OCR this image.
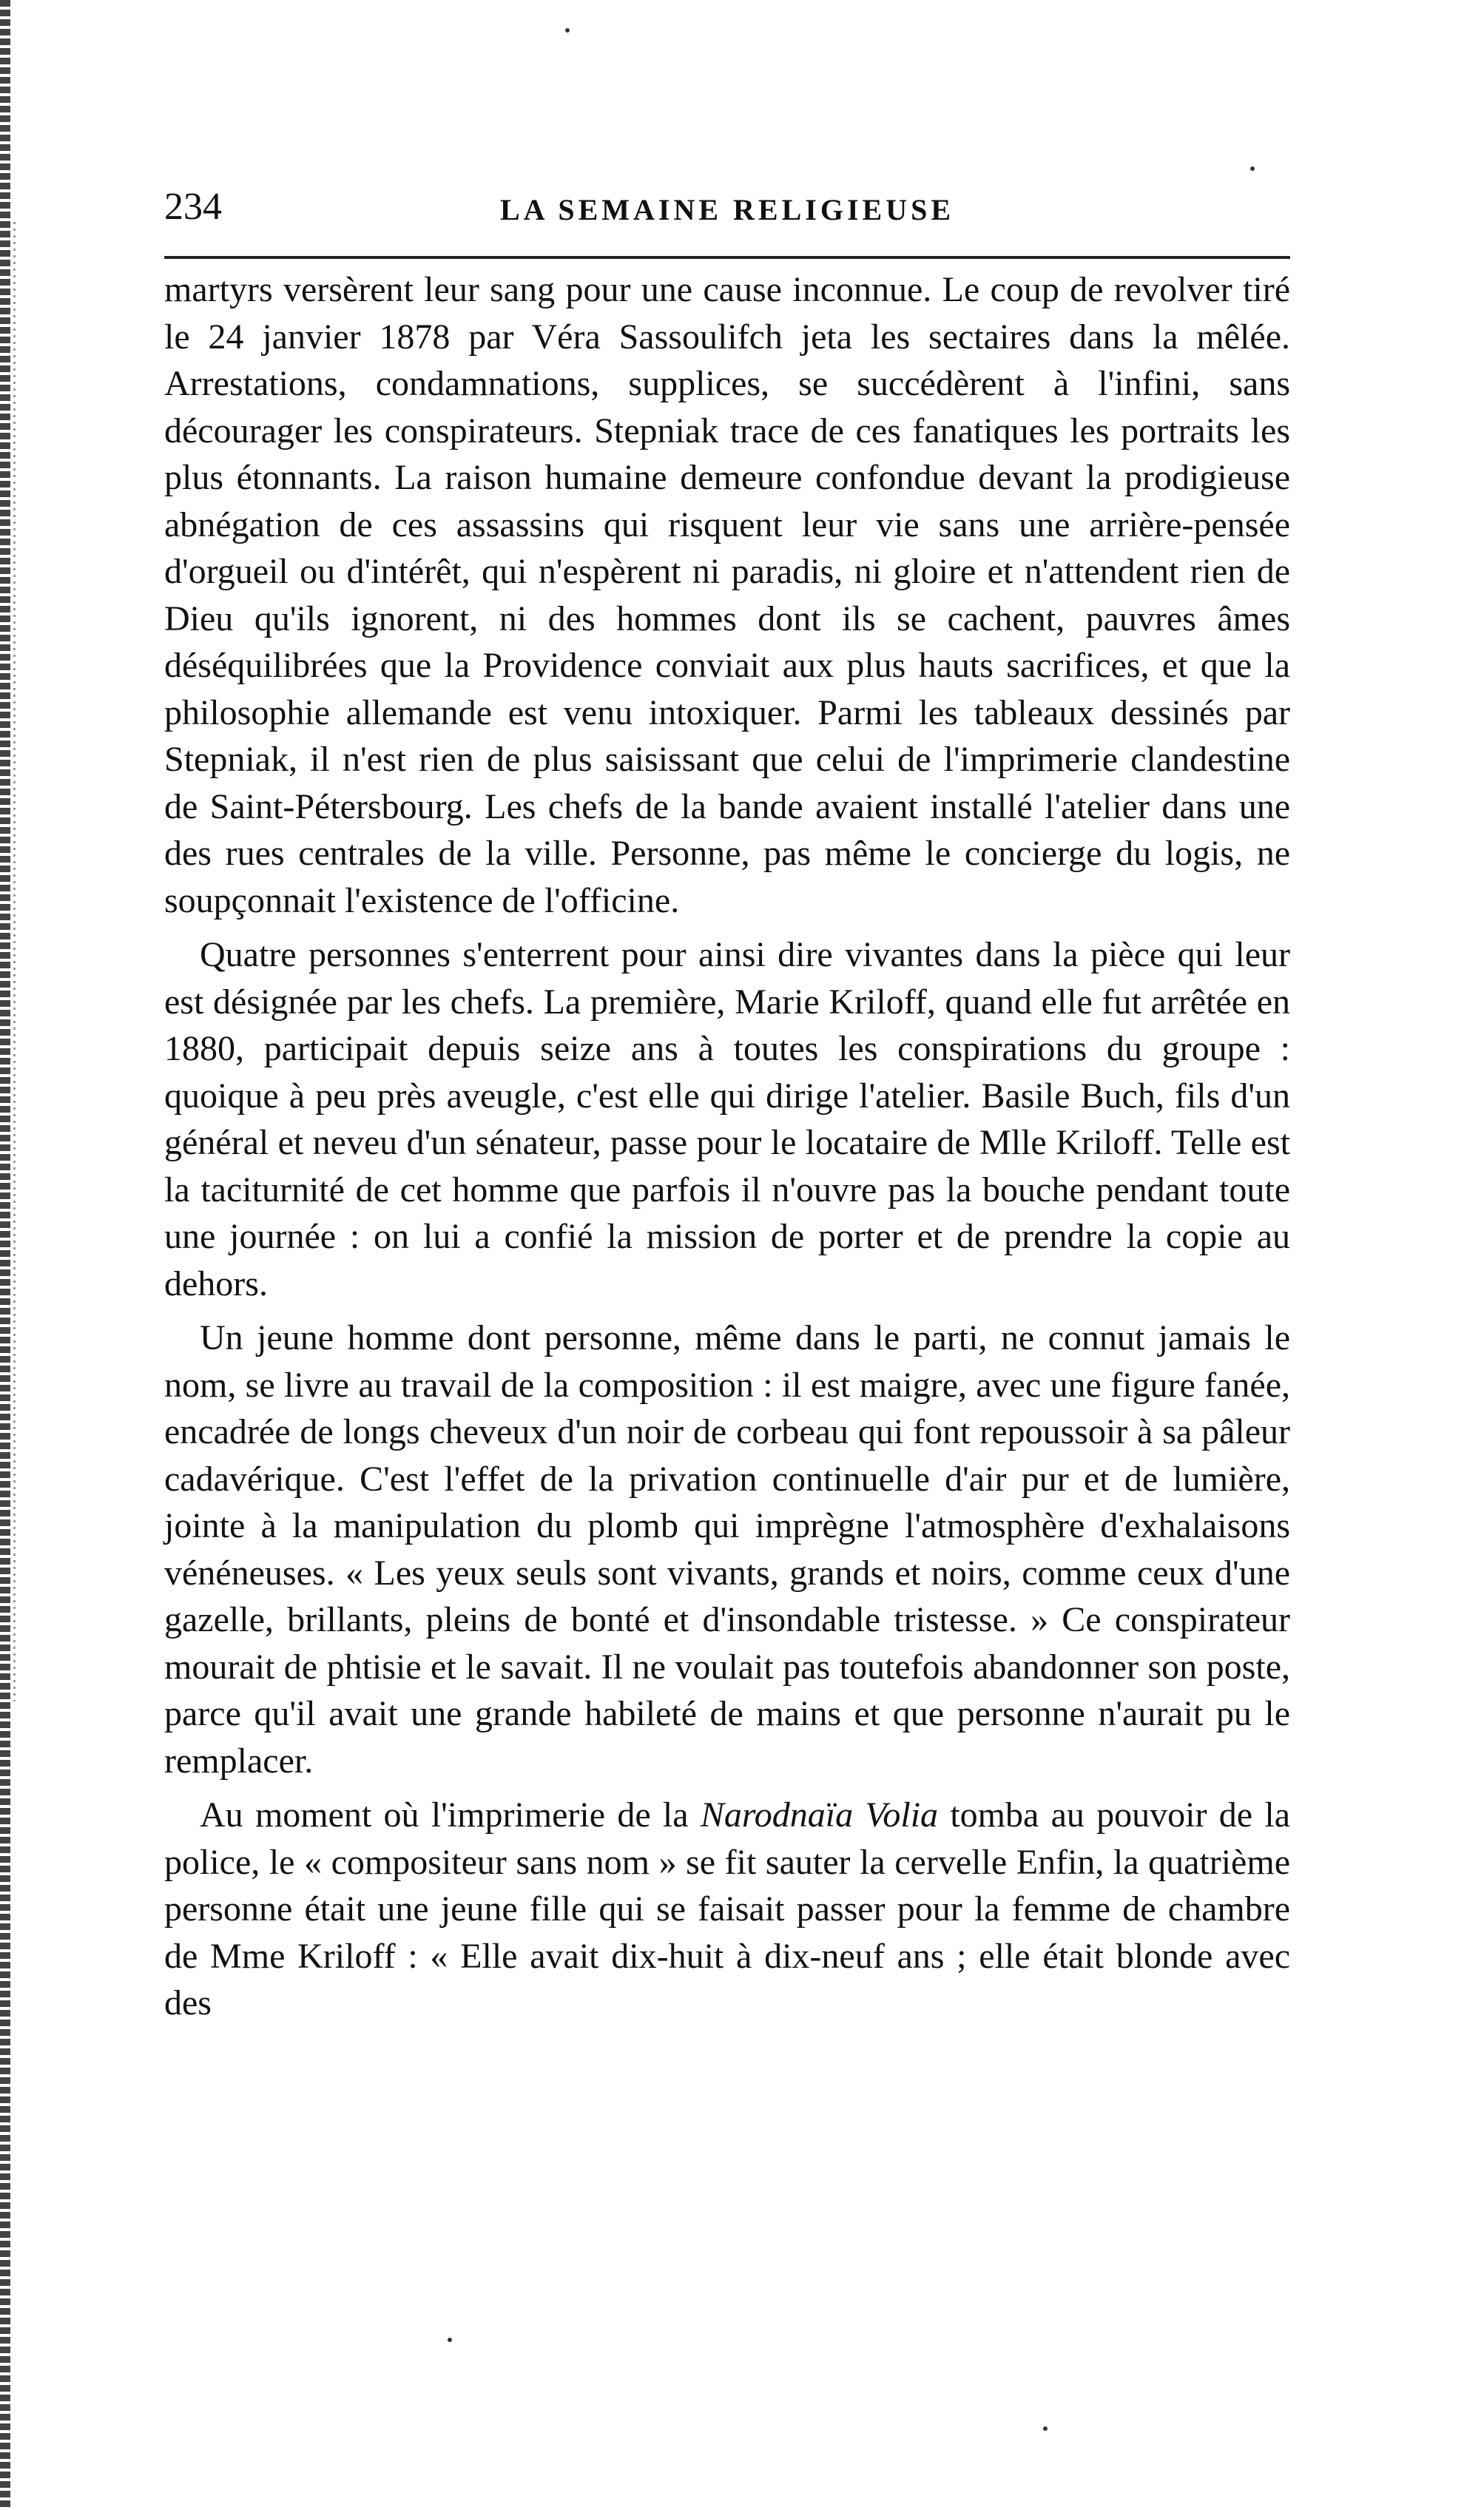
234	LA SEMAINE RELIGIEUSE

martyrs versèrent leur sang pour une cause inconnue. Le coup de revolver tiré le 24 janvier 1878 par Véra Sassoulifch jeta les sectaires dans la mêlée. Arrestations, condamnations, supplices, se succédèrent à l'infini, sans décourager les conspirateurs. Stepniak trace de ces fanatiques les portraits les plus étonnants. La raison humaine demeure confondue devant la prodigieuse abnégation de ces assassins qui risquent leur vie sans une arrière-pensée d'orgueil ou d'intérêt, qui n'espèrent ni paradis, ni gloire et n'attendent rien de Dieu qu'ils ignorent, ni des hommes dont ils se cachent, pauvres âmes déséquilibrées que la Providence conviait aux plus hauts sacrifices, et que la philosophie allemande est venu intoxiquer. Parmi les tableaux dessinés par Stepniak, il n'est rien de plus saisissant que celui de l'imprimerie clandestine de Saint-Pétersbourg. Les chefs de la bande avaient installé l'atelier dans une des rues centrales de la ville. Personne, pas même le concierge du logis, ne soupçonnait l'existence de l'officine.

Quatre personnes s'enterrent pour ainsi dire vivantes dans la pièce qui leur est désignée par les chefs. La première, Marie Kriloff, quand elle fut arrêtée en 1880, participait depuis seize ans à toutes les conspirations du groupe : quoique à peu près aveugle, c'est elle qui dirige l'atelier. Basile Buch, fils d'un général et neveu d'un sénateur, passe pour le locataire de Mlle Kriloff. Telle est la taciturnité de cet homme que parfois il n'ouvre pas la bouche pendant toute une journée : on lui a confié la mission de porter et de prendre la copie au dehors.

Un jeune homme dont personne, même dans le parti, ne connut jamais le nom, se livre au travail de la composition : il est maigre, avec une figure fanée, encadrée de longs cheveux d'un noir de corbeau qui font repoussoir à sa pâleur cadavérique. C'est l'effet de la privation continuelle d'air pur et de lumière, jointe à la manipulation du plomb qui imprègne l'atmosphère d'exhalaisons vénéneuses. « Les yeux seuls sont vivants, grands et noirs, comme ceux d'une gazelle, brillants, pleins de bonté et d'insondable tristesse. » Ce conspirateur mourait de phtisie et le savait. Il ne voulait pas toutefois abandonner son poste, parce qu'il avait une grande habileté de mains et que personne n'aurait pu le remplacer.

Au moment où l'imprimerie de la Narodnaïa Volia tomba au pouvoir de la police, le « compositeur sans nom » se fit sauter la cervelle Enfin, la quatrième personne était une jeune fille qui se faisait passer pour la femme de chambre de Mme Kriloff : « Elle avait dix-huit à dix-neuf ans ; elle était blonde avec des
